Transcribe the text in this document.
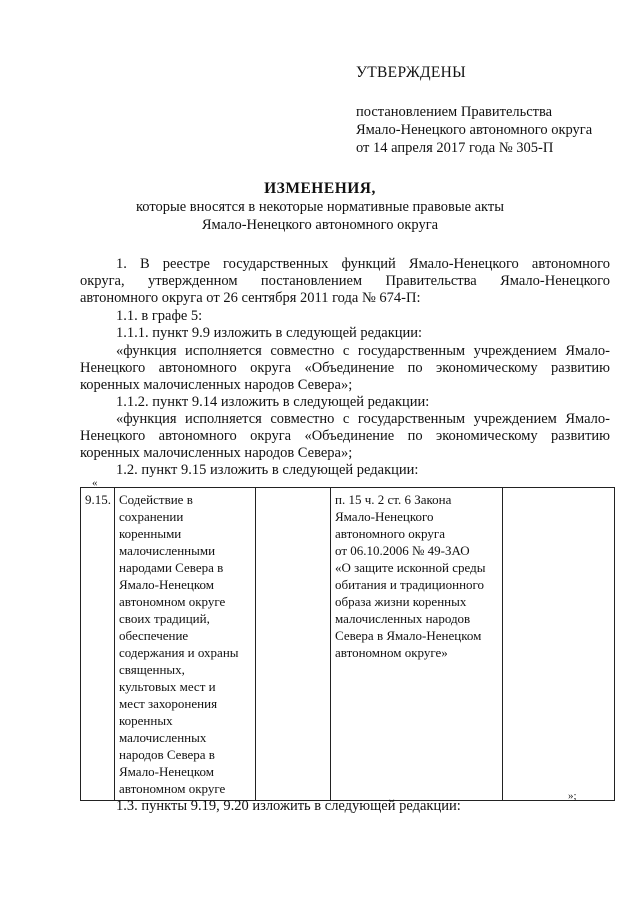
УТВЕРЖДЕНЫ
постановлением Правительства
Ямало-Ненецкого автономного округа
от 14 апреля 2017 года № 305-П
ИЗМЕНЕНИЯ,
которые вносятся в некоторые нормативные правовые акты
Ямало-Ненецкого автономного округа
1. В реестре государственных функций Ямало-Ненецкого автономного
округа, утвержденном постановлением Правительства Ямало-Ненецкого
автономного округа от 26 сентября 2011 года № 674-П:
1.1. в графе 5:
1.1.1. пункт 9.9 изложить в следующей редакции:
«функция исполняется совместно с государственным учреждением Ямало-
Ненецкого автономного округа «Объединение по экономическому развитию
коренных малочисленных народов Севера»;
1.1.2. пункт 9.14 изложить в следующей редакции:
«функция исполняется совместно с государственным учреждением Ямало-
Ненецкого автономного округа «Объединение по экономическому развитию
коренных малочисленных народов Севера»;
1.2. пункт 9.15 изложить в следующей редакции:
«
9.15.	Содействие в
сохранении
коренными
малочисленными
народами Севера в
Ямало-Ненецком
автономном округе
своих традиций,
обеспечение
содержания и охраны
священных,
культовых мест и
мест захоронения
коренных
малочисленных
народов Севера в
Ямало-Ненецком
автономном округе		п. 15 ч. 2 ст. 6 Закона
Ямало-Ненецкого
автономного округа
от 06.10.2006 № 49-ЗАО
«О защите исконной среды
обитания и традиционного
образа жизни коренных
малочисленных народов
Севера в Ямало-Ненецком
автономном округе»	
»;
1.3. пункты 9.19, 9.20 изложить в следующей редакции:
